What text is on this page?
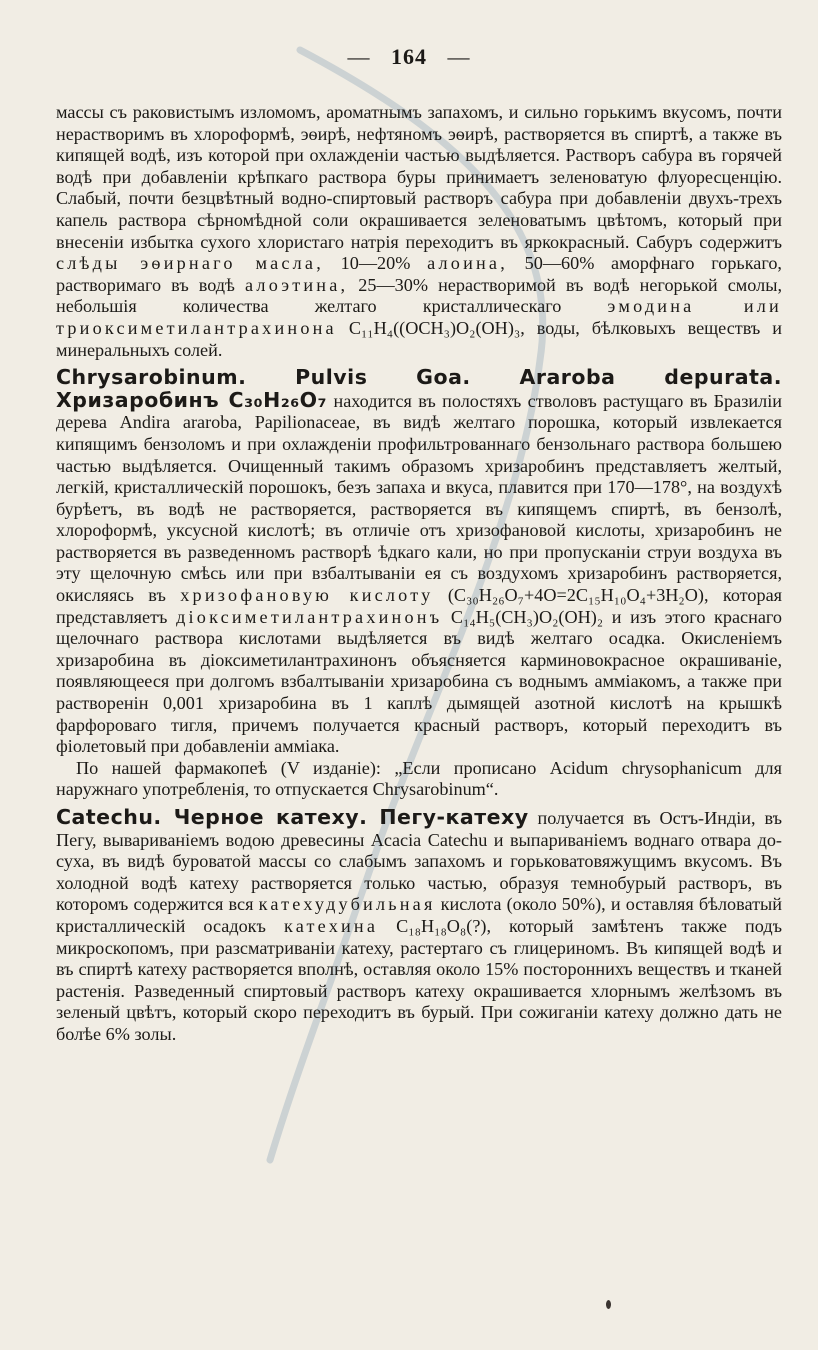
— 164 —

массы съ раковистымъ изломомъ, ароматнымъ запахомъ, и сильно горькимъ вкусомъ, почти нерастворимъ въ хлороформѣ, эѳирѣ, нефтяномъ эѳирѣ, растворяется въ спиртѣ, а также въ кипящей водѣ, изъ которой при охлажденіи частью выдѣляется. Растворъ сабура въ горячей водѣ при добавленіи крѣпкаго раствора буры принимаетъ зеленоватую флуоресценцію. Слабый, почти безцвѣтный водно-спиртовый растворъ сабура при добавленіи двухъ-трехъ капель раствора сѣрномѣдной соли окрашивается зеленоватымъ цвѣтомъ, который при внесеніи избытка сухого хлористаго натрія переходитъ въ яркокрасный. Сабуръ содержитъ слѣды эѳирнаго масла, 10—20% алоина, 50—60% аморфнаго горькаго, растворимаго въ водѣ алоэтина, 25—30% нерастворимой въ водѣ негорькой смолы, небольшія количества желтаго кристаллическаго эмодина или триоксиметилантрахинона C₁₁H₄((OCH₃)O₂(OH)₃, воды, бѣлковыхъ веществъ и минеральныхъ солей.

Chrysarobinum. Pulvis Goa. Araroba depurata. Хризаробинъ C₃₀H₂₆O₇ находится въ полостяхъ стволовъ растущаго въ Бразиліи дерева Andira araroba, Papilionaceae, въ видѣ желтаго порошка, который извлекается кипящимъ бензоломъ и при охлажденіи профильтрованнаго бензольнаго раствора большею частью выдѣляется. Очищенный такимъ образомъ хризаробинъ представляетъ желтый, легкій, кристаллическій порошокъ, безъ запаха и вкуса, плавится при 170—178°, на воздухѣ бурѣетъ, въ водѣ не растворяется, растворяется въ кипящемъ спиртѣ, въ бензолѣ, хлороформѣ, уксусной кислотѣ; въ отличіе отъ хризофановой кислоты, хризаробинъ не растворяется въ разведенномъ растворѣ ѣдкаго кали, но при пропусканіи струи воздуха въ эту щелочную смѣсь или при взбалтываніи ея съ воздухомъ хризаробинъ растворяется, окисляясь въ хризофановую кислоту (C₃₀H₂₆O₇+4O=2C₁₅H₁₀O₄+3H₂O), которая представляетъ діоксиметилантрахинонъ C₁₄H₅(CH₃)O₂(OH)₂ и изъ этого краснаго щелочнаго раствора кислотами выдѣляется въ видѣ желтаго осадка. Окисленіемъ хризаробина въ діоксиметилантрахинонъ объясняется карминовокрасное окрашиваніе, появляющееся при долгомъ взбалтываніи хризаробина съ воднымъ амміакомъ, а также при растворенін 0,001 хризаробина въ 1 каплѣ дымящей азотной кислотѣ на крышкѣ фарфороваго тигля, причемъ получается красный растворъ, который переходитъ въ фіолетовый при добавленіи амміака.

По нашей фармакопеѣ (V изданіе): „Если прописано Acidum chrysophanicum для наружнаго употребленія, то отпускается Chrysarobinum“.

Catechu. Черное катеху. Пегу-катеху получается въ Остъ-Индіи, въ Пегу, вывариваніемъ водою древесины Acacia Catechu и выпариваніемъ воднаго отвара до-суха, въ видѣ буроватой массы со слабымъ запахомъ и горьковатовяжущимъ вкусомъ. Въ холодной водѣ катеху растворяется только частью, образуя темнобурый растворъ, въ которомъ содержится вся катехудубильная кислота (около 50%), и оставляя бѣловатый кристаллическій осадокъ катехина C₁₈H₁₈O₈(?), который замѣтенъ также подъ микроскопомъ, при разсматриваніи катеху, растертаго съ глицериномъ. Въ кипящей водѣ и въ спиртѣ катеху растворяется вполнѣ, оставляя около 15% постороннихъ веществъ и тканей растенія. Разведенный спиртовый растворъ катеху окрашивается хлорнымъ желѣзомъ въ зеленый цвѣтъ, который скоро переходитъ въ бурый. При сожиганіи катеху должно дать не болѣе 6% золы.
